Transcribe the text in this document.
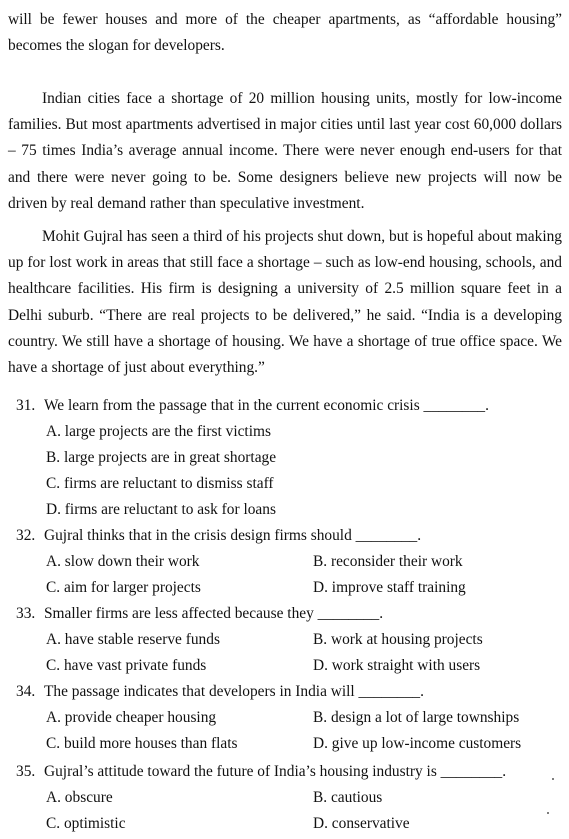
will be fewer houses and more of the cheaper apartments, as “affordable housing” becomes the slogan for developers.

Indian cities face a shortage of 20 million housing units, mostly for low-income families. But most apartments advertised in major cities until last year cost 60,000 dollars – 75 times India’s average annual income. There were never enough end-users for that and there were never going to be. Some designers believe new projects will now be driven by real demand rather than speculative investment.

Mohit Gujral has seen a third of his projects shut down, but is hopeful about making up for lost work in areas that still face a shortage – such as low-end housing, schools, and healthcare facilities. His firm is designing a university of 2.5 million square feet in a Delhi suburb. “There are real projects to be delivered,” he said. “India is a developing country. We still have a shortage of housing. We have a shortage of true office space. We have a shortage of just about everything.”

31. We learn from the passage that in the current economic crisis ________.
A. large projects are the first victims
B. large projects are in great shortage
C. firms are reluctant to dismiss staff
D. firms are reluctant to ask for loans
32. Gujral thinks that in the crisis design firms should ________.
A. slow down their work	B. reconsider their work
C. aim for larger projects	D. improve staff training
33. Smaller firms are less affected because they ________.
A. have stable reserve funds	B. work at housing projects
C. have vast private funds	D. work straight with users
34. The passage indicates that developers in India will ________.
A. provide cheaper housing	B. design a lot of large townships
C. build more houses than flats	D. give up low-income customers
35. Gujral’s attitude toward the future of India’s housing industry is ________.
A. obscure	B. cautious
C. optimistic	D. conservative
